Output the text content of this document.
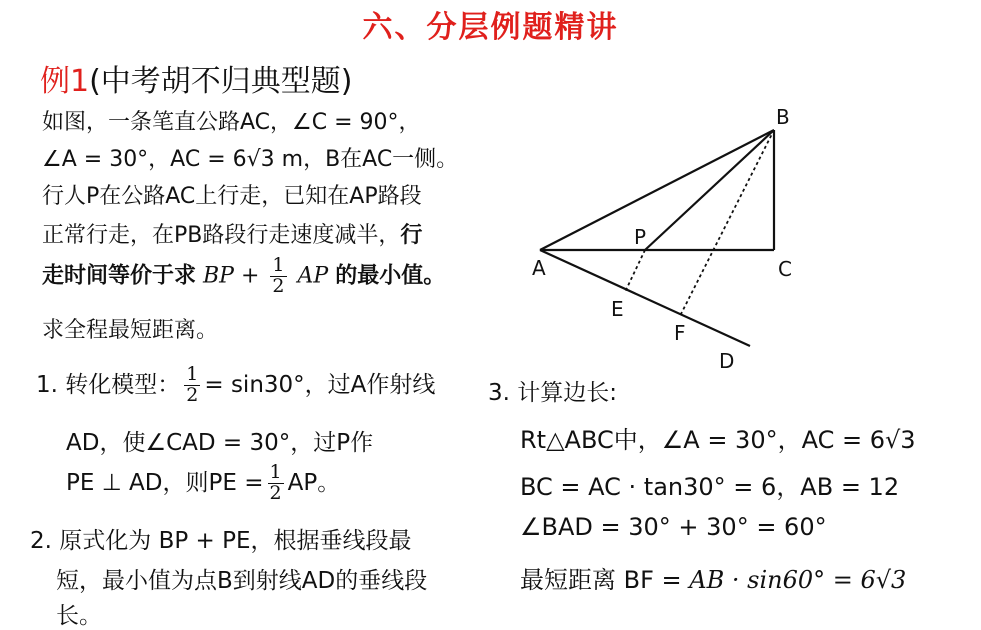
六、分层例题精讲
例1(中考胡不归典型题)
如图，一条笔直公路AC，∠C = 90°，
∠A = 30°，AC = 6√3 m，B在AC一侧。
行人P在公路AC上行走，已知在AP路段
正常行走，在PB路段行走速度减半，行
走时间等价于求 BP + $\frac{1}{2}$ AP 的最小值。
求全程最短距离。
1. 转化模型： $\frac{1}{2} = \sin 30^\circ$，过A作射线
AD，使∠CAD = 30°，过P作
PE ⊥ AD，则PE = $\frac{1}{2}$ AP。
2. 原式化为 BP + PE，根据垂线段最
短，最小值为点B到射线AD的垂线段
长。
3. 计算边长:
Rt△ABC中，∠A = 30°，AC = 6√3
BC = AC · tan30° = 6，AB = 12
∠BAD = 30° + 30° = 60°
最短距离 BF = AB · sin60° = 6√3
B
A	C
P
E
F
D
